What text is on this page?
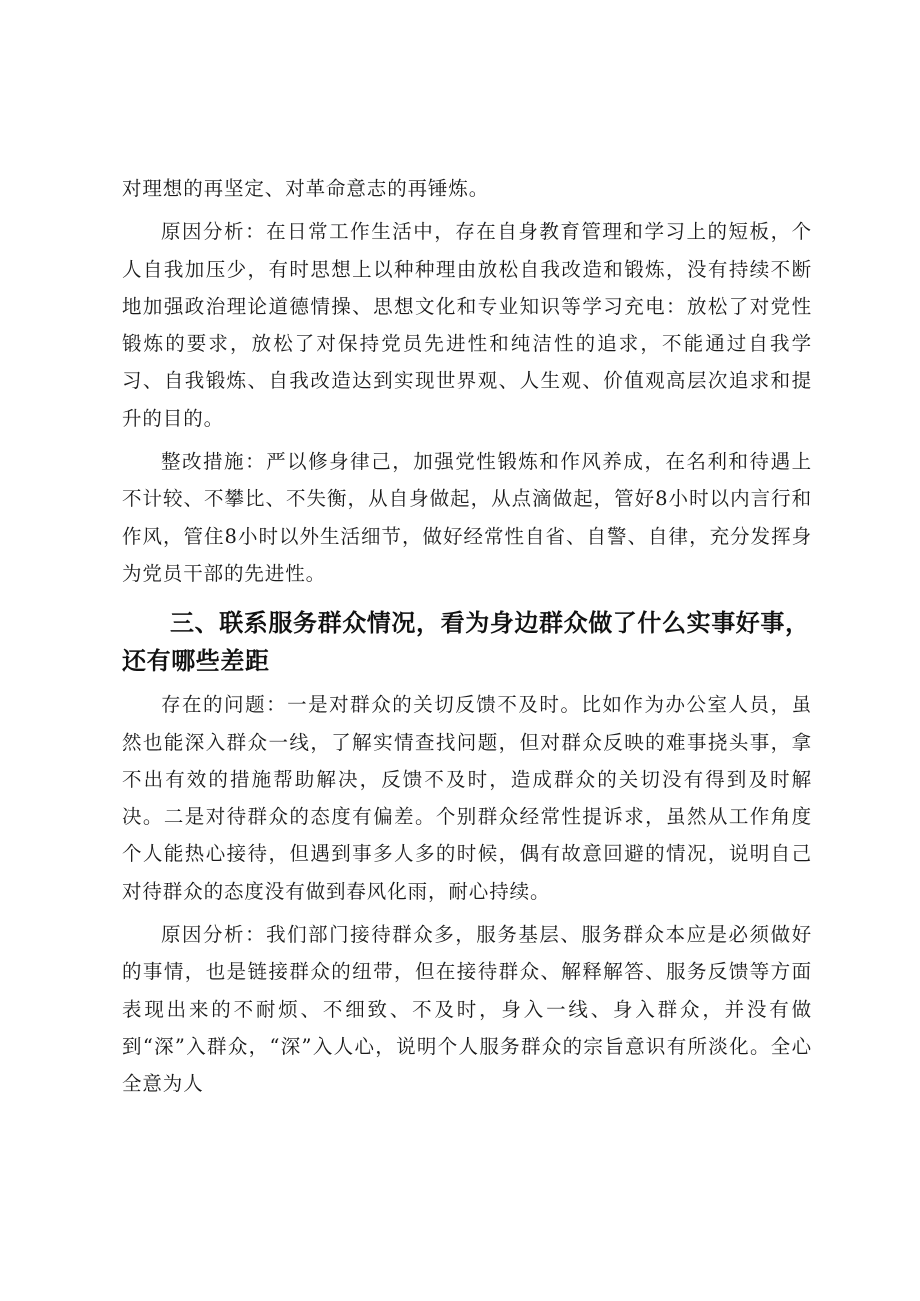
对理想的再坚定、对革命意志的再锤炼。

原因分析：在日常工作生活中，存在自身教育管理和学习上的短板，个人自我加压少，有时思想上以种种理由放松自我改造和锻炼，没有持续不断地加强政治理论道德情操、思想文化和专业知识等学习充电：放松了对党性锻炼的要求，放松了对保持党员先进性和纯洁性的追求，不能通过自我学习、自我锻炼、自我改造达到实现世界观、人生观、价值观高层次追求和提升的目的。

整改措施：严以修身律己，加强党性锻炼和作风养成，在名利和待遇上不计较、不攀比、不失衡，从自身做起，从点滴做起，管好8小时以内言行和作风，管住8小时以外生活细节，做好经常性自省、自警、自律，充分发挥身为党员干部的先进性。

三、联系服务群众情况，看为身边群众做了什么实事好事，还有哪些差距

存在的问题：一是对群众的关切反馈不及时。比如作为办公室人员，虽然也能深入群众一线，了解实情查找问题，但对群众反映的难事挠头事，拿不出有效的措施帮助解决，反馈不及时，造成群众的关切没有得到及时解决。二是对待群众的态度有偏差。个别群众经常性提诉求，虽然从工作角度个人能热心接待，但遇到事多人多的时候，偶有故意回避的情况，说明自己对待群众的态度没有做到春风化雨，耐心持续。

原因分析：我们部门接待群众多，服务基层、服务群众本应是必须做好的事情，也是链接群众的纽带，但在接待群众、解释解答、服务反馈等方面表现出来的不耐烦、不细致、不及时，身入一线、身入群众，并没有做到“深”入群众，“深”入人心，说明个人服务群众的宗旨意识有所淡化。全心全意为人
